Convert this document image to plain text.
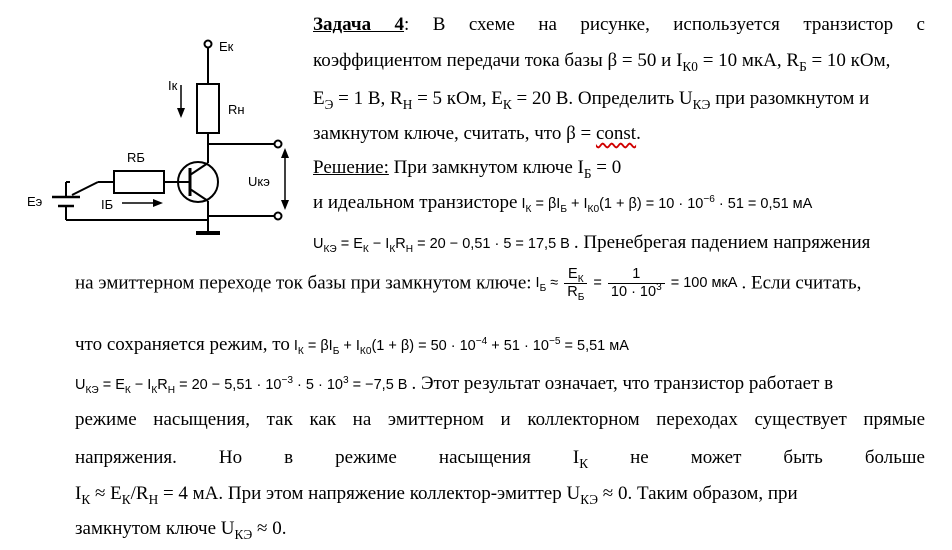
Eк
Iк
Rн
RБ
IБ
Eэ
Uкэ
Задача 4: В схеме на рисунке, используется транзистор с
коэффициентом передачи тока базы β = 50 и $I_{К0} = 10$ мкА, $R_Б = 10$ кОм,
$E_Э = 1$ В, $R_Н = 5$ кОм, $E_К = 20$ В. Определить $U_{КЭ}$ при разомкнутом и
замкнутом ключе, считать, что β = const.
Решение: При замкнутом ключе $I_Б = 0$
и идеальном транзисторе $I_К = \beta I_Б + I_{К0}(1 + \beta) = 10 \cdot 10^{-6} \cdot 51 = 0,51$ мА
$U_{КЭ} = E_К - I_КR_Н = 20 - 0,51 \cdot 5 = 17,5$ В . Пренебрегая падением напряжения
на эмиттерном переходе ток базы при замкнутом ключе: $I_Б \approx \frac{E_К}{R_Б} = \frac{1}{10 \cdot 10^3} = 100$ мкА . Если считать,
что сохраняется режим, то $I_К = \beta I_Б + I_{К0}(1 + \beta) = 50 \cdot 10^{-4} + 51 \cdot 10^{-5} = 5,51$ мА
$U_{КЭ} = E_К - I_КR_Н = 20 - 5,51 \cdot 10^{-3} \cdot 5 \cdot 10^3 = -7,5$ В . Этот результат означает, что транзистор работает в
режиме насыщения, так как на эмиттерном и коллекторном переходах существует прямые
напряжения. Но в режиме насыщения $I_К$ не может быть больше
$I_К \approx E_К/R_Н = 4$ мА. При этом напряжение коллектор-эмиттер $U_{КЭ} \approx 0$. Таким образом, при
замкнутом ключе $U_{КЭ} \approx 0$.
